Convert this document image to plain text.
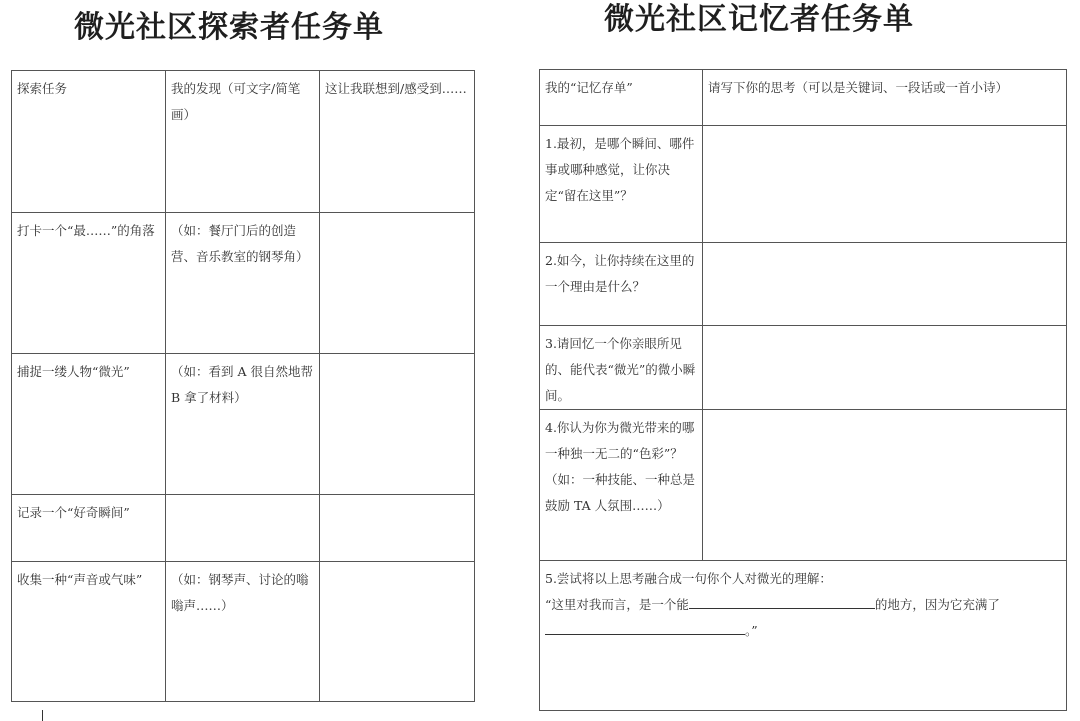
微光社区探索者任务单	微光社区记忆者任务单
探索任务	我的发现（可文字/简笔画）	这让我联想到/感受到……
打卡一个“最……”的角落	（如：餐厅门后的创造营、音乐教室的钢琴角）	
捕捉一缕人物“微光”	（如：看到 A 很自然地帮 B 拿了材料）	
记录一个“好奇瞬间”		
收集一种“声音或气味”	（如：钢琴声、讨论的嗡嗡声……）	
我的“记忆存单”	请写下你的思考（可以是关键词、一段话或一首小诗）
1.最初，是哪个瞬间、哪件事或哪种感觉，让你决定“留在这里”？	
2.如今，让你持续在这里的一个理由是什么？	
3.请回忆一个你亲眼所见的、能代表“微光”的微小瞬间。	
4.你认为你为微光带来的哪一种独一无二的“色彩”？（如：一种技能、一种总是鼓励 TA 人氛围……）	

5.尝试将以上思考融合成一句你个人对微光的理解：
“这里对我而言，是一个能 的地方，因为它充满了。”	
